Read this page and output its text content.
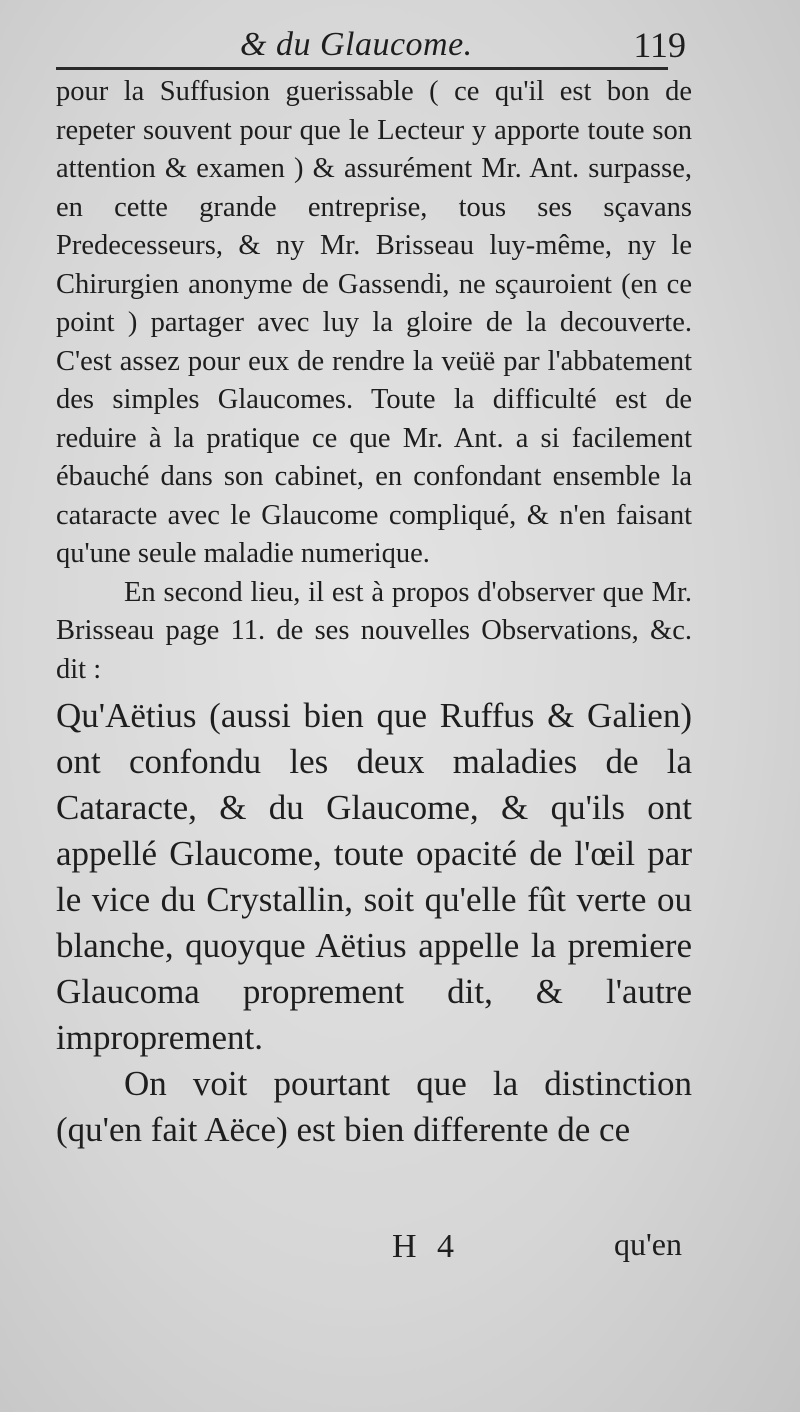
& du Glaucome.	119

pour la Suffusion guerissable ( ce qu'il est bon de repeter souvent pour que le Lecteur y apporte toute son attention & examen ) & assurément Mr. Ant. surpasse, en cette grande entreprise, tous ses sçavans Predecesseurs, & ny Mr. Brisseau luy-même, ny le Chirurgien anonyme de Gassendi, ne sçauroient (en ce point ) partager avec luy la gloire de la decouverte. C'est assez pour eux de rendre la veüë par l'abbatement des simples Glaucomes. Toute la difficulté est de reduire à la pratique ce que Mr. Ant. a si facilement ébauché dans son cabinet, en confondant ensemble la cataracte avec le Glaucome compliqué, & n'en faisant qu'une seule maladie numerique.

En second lieu, il est à propos d'observer que Mr. Brisseau page 11. de ses nouvelles Observations, &c. dit :

Qu'Aëtius (aussi bien que Ruffus & Galien) ont confondu les deux maladies de la Cataracte, & du Glaucome, & qu'ils ont appellé Glaucome, toute opacité de l'œil par le vice du Crystallin, soit qu'elle fût verte ou blanche, quoyque Aëtius appelle la premiere Glaucoma proprement dit, & l'autre improprement.

On voit pourtant que la distinction (qu'en fait Aëce) est bien differente de ce

H 4	qu'en
